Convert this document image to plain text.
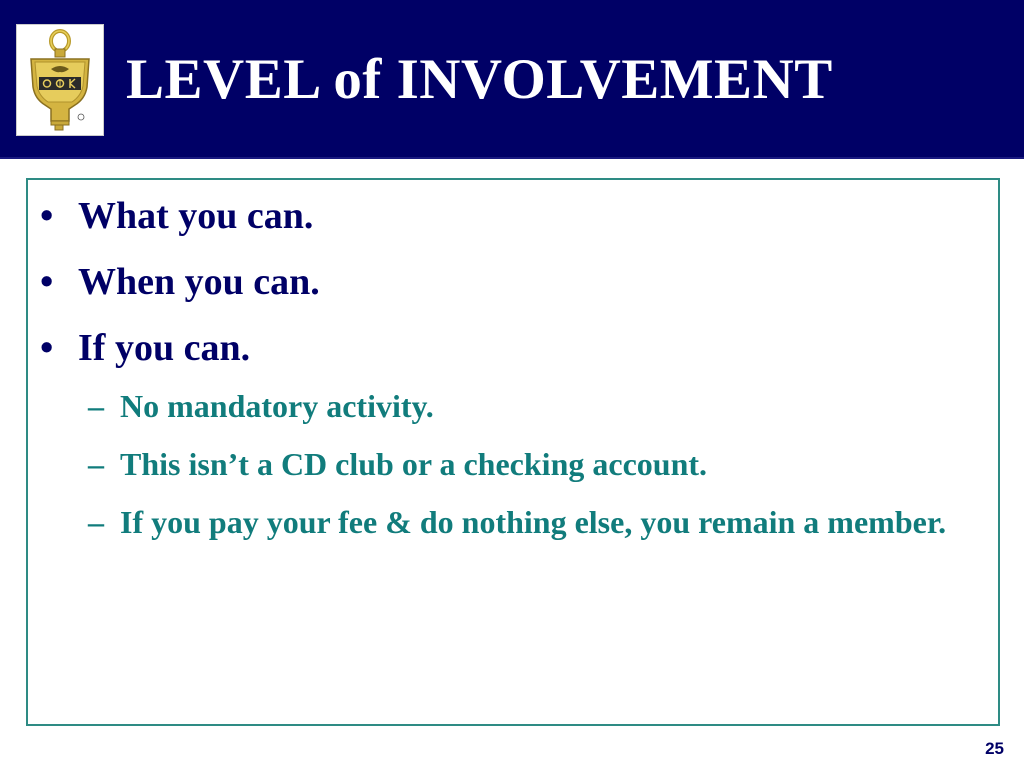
LEVEL of INVOLVEMENT
• What you can.
• When you can.
• If you can.
– No mandatory activity.
– This isn’t a CD club or a checking account.
– If you pay your fee & do nothing else, you remain a member.
25
